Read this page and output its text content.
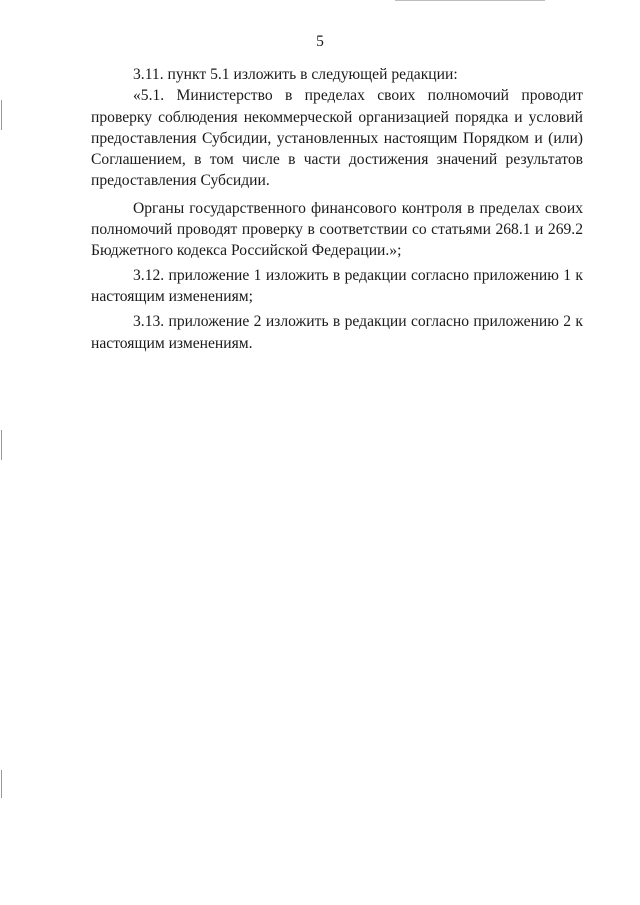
5

3.11. пункт 5.1 изложить в следующей редакции:

«5.1. Министерство в пределах своих полномочий проводит проверку соблюдения некоммерческой организацией порядка и условий предоставления Субсидии, установленных настоящим Порядком и (или) Соглашением, в том числе в части достижения значений результатов предоставления Субсидии.

Органы государственного финансового контроля в пределах своих полномочий проводят проверку в соответствии со статьями 268.1 и 269.2 Бюджетного кодекса Российской Федерации.»;

3.12. приложение 1 изложить в редакции согласно приложению 1 к настоящим изменениям;

3.13. приложение 2 изложить в редакции согласно приложению 2 к настоящим изменениям.
